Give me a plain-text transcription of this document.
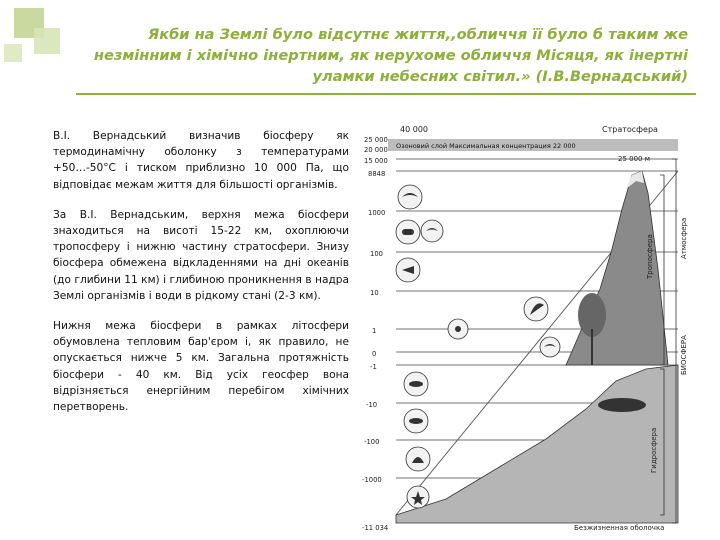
Якби на Землі було відсутнє життя,,обличчя її було б таким же незмінним і хімічно інертним, як нерухоме обличчя Місяця, як інертні уламки небесних світил.» (І.В.Вернадський)

В.І. Вернадський визначив біосферу як термодинамічну оболонку з температурами +50…-50°С і тиском приблизно 10 000 Па, що відповідає межам життя для більшості організмів.

За В.І. Вернадським, верхня межа біосфери знаходиться на висоті 15-22 км, охоплюючи тропосферу і нижню частину стратосфери. Знизу біосфера обмежена відкладеннями на дні океанів (до глибини 11 км) і глибиною проникнення в надра Землі організмів і води в рідкому стані (2-3 км).

Нижня межа біосфери в рамках літосфери обумовлена тепловим бар'єром і, як правило, не опускається нижче 5 км. Загальна протяжність біосфери - 40 км. Від усіх геосфер вона відрізняється енергійним перебігом хімічних перетворень.

40 000	Стратосфера
Озоновий слой Максимальная концентрация 22 000
25 000 м
25 000
20 000
15 000
8848
1000
100
10
1
0
-1
-10
-100
-1000
-11 034
Тропосфера	Атмосфера
БИОСФЕРА
Гидросфера
Безжизненная оболочка
